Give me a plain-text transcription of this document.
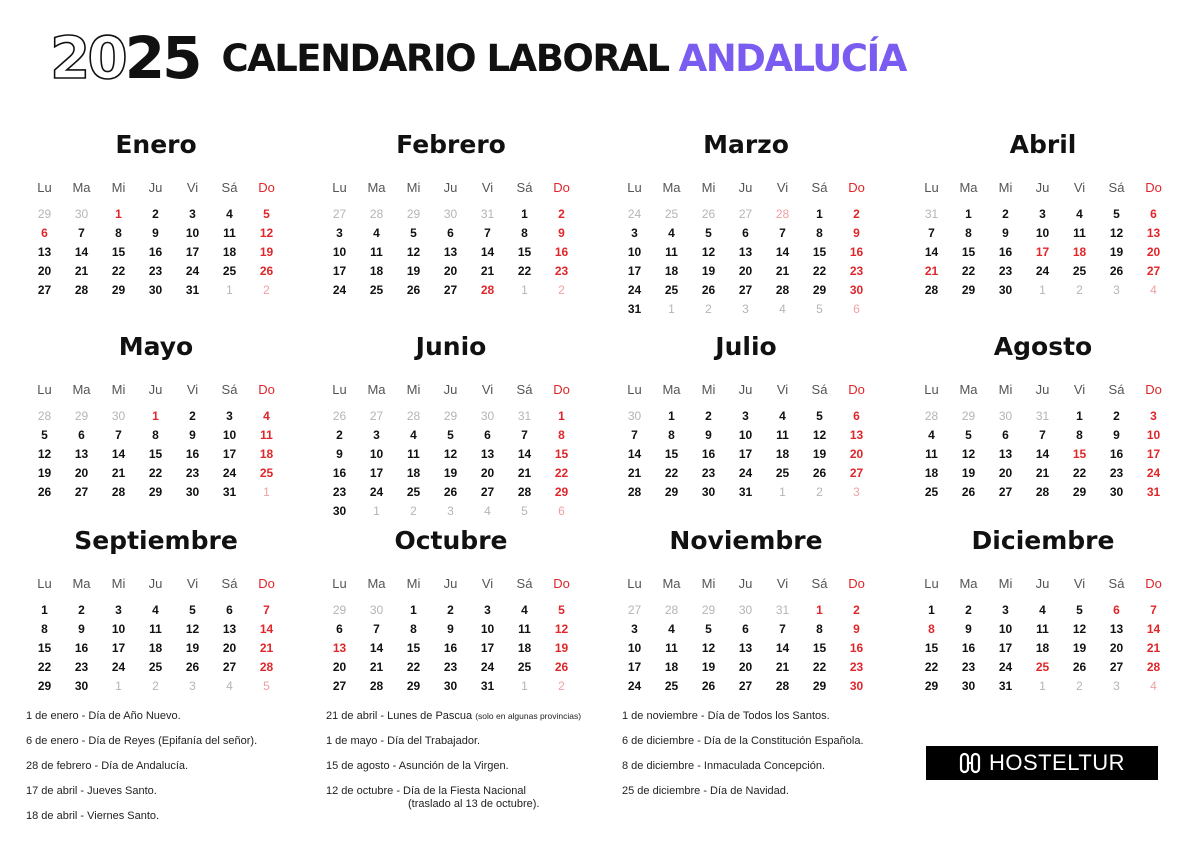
20 25 CALENDARIO LABORAL ANDALUCÍA
Enero
Lu	Ma	Mi	Ju	Vi	Sá	Do
29	30	1	2	3	4	5
6	7	8	9	10	11	12
13	14	15	16	17	18	19
20	21	22	23	24	25	26
27	28	29	30	31	1	2
Febrero
Lu	Ma	Mi	Ju	Vi	Sá	Do
27	28	29	30	31	1	2
3	4	5	6	7	8	9
10	11	12	13	14	15	16
17	18	19	20	21	22	23
24	25	26	27	28	1	2
Marzo
Lu	Ma	Mi	Ju	Vi	Sá	Do
24	25	26	27	28	1	2
3	4	5	6	7	8	9
10	11	12	13	14	15	16
17	18	19	20	21	22	23
24	25	26	27	28	29	30
31	1	2	3	4	5	6
Abril
Lu	Ma	Mi	Ju	Vi	Sá	Do
31	1	2	3	4	5	6
7	8	9	10	11	12	13
14	15	16	17	18	19	20
21	22	23	24	25	26	27
28	29	30	1	2	3	4
Mayo
Lu	Ma	Mi	Ju	Vi	Sá	Do
28	29	30	1	2	3	4
5	6	7	8	9	10	11
12	13	14	15	16	17	18
19	20	21	22	23	24	25
26	27	28	29	30	31	1
Junio
Lu	Ma	Mi	Ju	Vi	Sá	Do
26	27	28	29	30	31	1
2	3	4	5	6	7	8
9	10	11	12	13	14	15
16	17	18	19	20	21	22
23	24	25	26	27	28	29
30	1	2	3	4	5	6
Julio
Lu	Ma	Mi	Ju	Vi	Sá	Do
30	1	2	3	4	5	6
7	8	9	10	11	12	13
14	15	16	17	18	19	20
21	22	23	24	25	26	27
28	29	30	31	1	2	3
Agosto
Lu	Ma	Mi	Ju	Vi	Sá	Do
28	29	30	31	1	2	3
4	5	6	7	8	9	10
11	12	13	14	15	16	17
18	19	20	21	22	23	24
25	26	27	28	29	30	31
Septiembre
Lu	Ma	Mi	Ju	Vi	Sá	Do
1	2	3	4	5	6	7
8	9	10	11	12	13	14
15	16	17	18	19	20	21
22	23	24	25	26	27	28
29	30	1	2	3	4	5
Octubre
Lu	Ma	Mi	Ju	Vi	Sá	Do
29	30	1	2	3	4	5
6	7	8	9	10	11	12
13	14	15	16	17	18	19
20	21	22	23	24	25	26
27	28	29	30	31	1	2
Noviembre
Lu	Ma	Mi	Ju	Vi	Sá	Do
27	28	29	30	31	1	2
3	4	5	6	7	8	9
10	11	12	13	14	15	16
17	18	19	20	21	22	23
24	25	26	27	28	29	30
Diciembre
Lu	Ma	Mi	Ju	Vi	Sá	Do
1	2	3	4	5	6	7
8	9	10	11	12	13	14
15	16	17	18	19	20	21
22	23	24	25	26	27	28
29	30	31	1	2	3	4
1 de enero - Día de Año Nuevo.
6 de enero - Día de Reyes (Epifanía del señor).
28 de febrero - Día de Andalucía.
17 de abril - Jueves Santo.
18 de abril - Viernes Santo.
21 de abril - Lunes de Pascua (solo en algunas provincias)
1 de mayo - Día del Trabajador.
15 de agosto - Asunción de la Virgen.
12 de octubre - Día de la Fiesta Nacional
(traslado al 13 de octubre).
1 de noviembre - Día de Todos los Santos.
6 de diciembre - Día de la Constitución Española.
8 de diciembre - Inmaculada Concepción.
25 de diciembre - Día de Navidad.
HOSTELTUR
